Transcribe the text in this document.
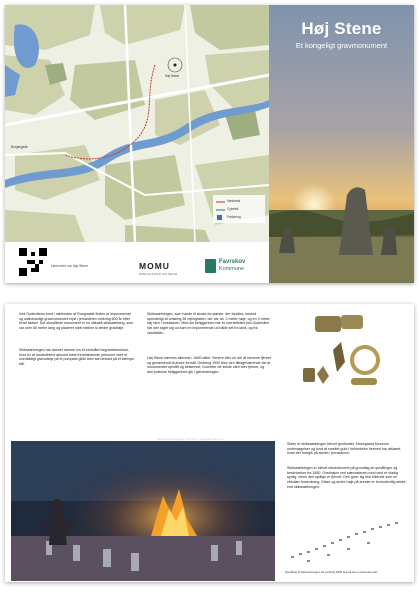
Høj Stene
Borgergade
Vandresti
Cykelsti
Parkering
Læs mere om Høj Stene	MOMU
MOESGAARD MUSEUM
Favrskov
Kommune
Høj Stene
Et kongeligt gravmonument
Ved Gudenåens bred i nærheden af Rungmølle findes et imponerende og usædvanligt gravmonument rejst i jernalderen omkring 600 år efter Kristi fødsel. Det storslåede monument er en såkaldt skibssætning, som var over 80 meter lang og placeret midt mellem to ældre gravhøje.
Skibssætningen har dannet ramme om et storslået begravelsesritual, hvor en af landsdelens absolut mest fremtrædende personer med et overdådigt gravudstyr på et pompøst gilde blev sat bevidst på et kæmpe bål.
Skibssætningen, som havde til skrald de største, der fandtes, bestod oprindeligt af omkring 28 rejlingssten, der var ca. 2 meter høje, og en 4 meter høj sten i forstavnen. Med sin beliggenhed har et overfartsted ved Gudenåen har den taget sig ud som en imponerende ud både set fra land- og fra vandsiden.
Høj Stene nævnes allerede i 1600-tallet. Senere blev en del af stenene fjernet og genanvendt til andre formål. Omkring 1950 blev den tilbageværende del af monumentet opmålt og beskrevet, hvorefter de sidste sten blev fjernet, og den præcise beliggenhed gik i glemmebogen.
Rekonstruktionstegning: Illustration - Moesgaard Museum
Siden er skibssætningen blevet genfundet. Moesgaard Museum undersøgelser og fund af smeltet guld i forbindelse hermed har afsløret, hvad der foregik på stedet i jernalderen.
Skibssætningen er blevet rekonstrueret på grundlag af opmålinger og beskrivelser fra 1850. Gravhøjen ved stævnstenen mod vest er stadig synlig, mens den sydlige er fjernet. Den giver sig blot tilkende som en cirkulær forsenkning. Disse og andre høje på arealet er formodentlig ældre end skibssætningen.
Opmåling af skibssætningen fra omkring 1850 lagt på den nuværende plan
